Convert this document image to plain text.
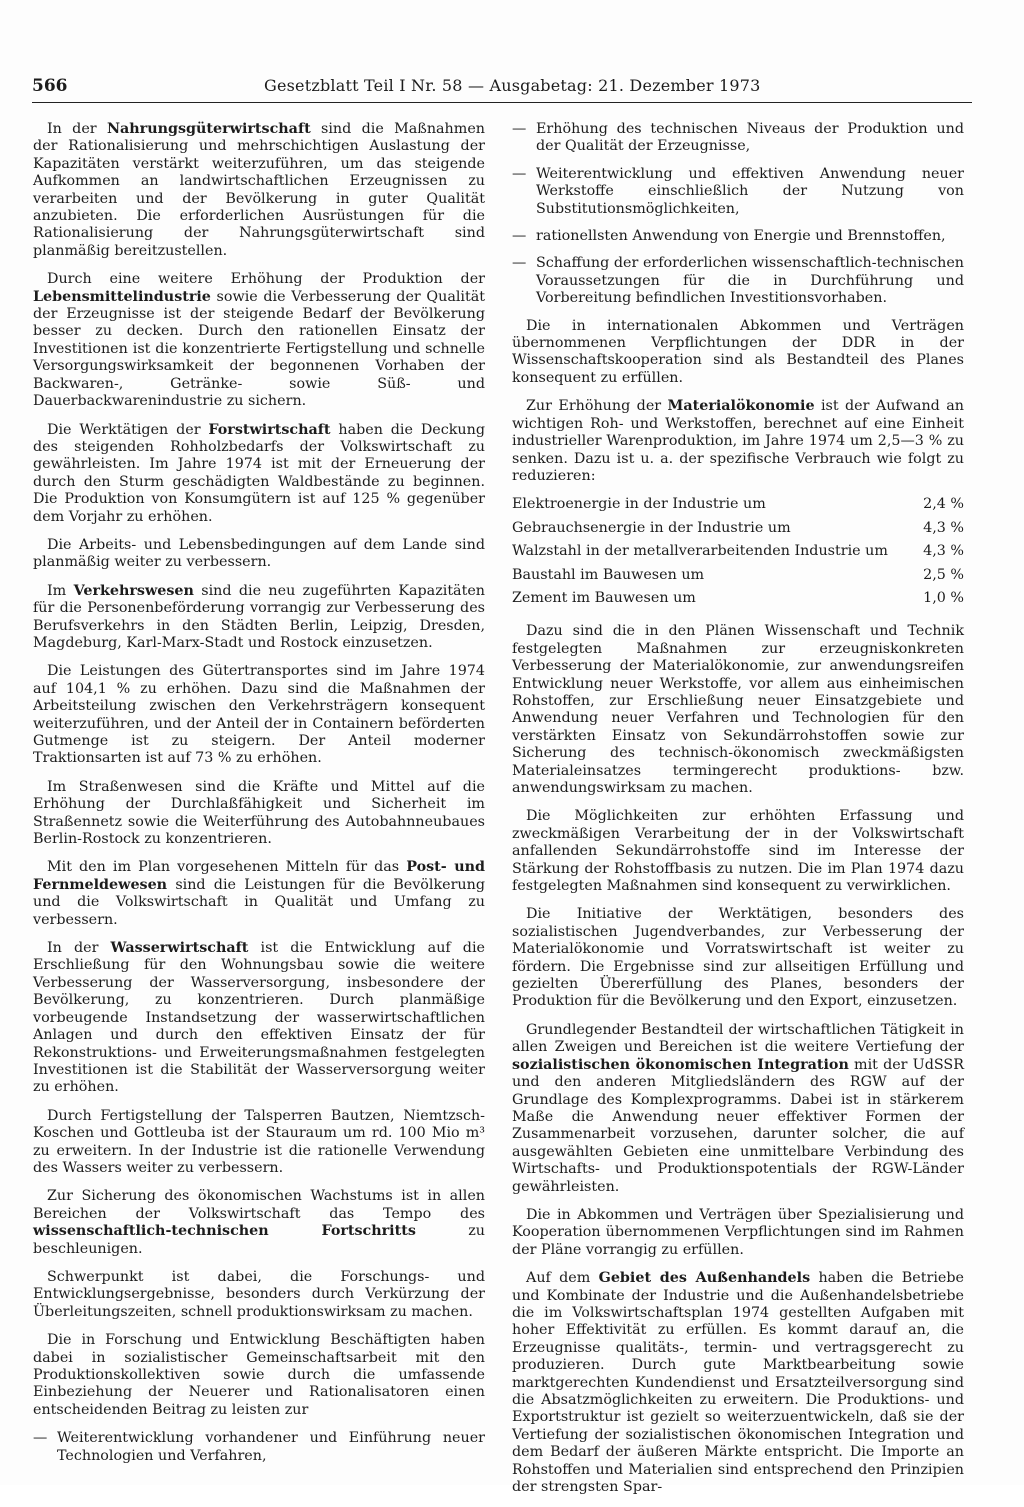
566	Gesetzblatt Teil I Nr. 58 — Ausgabetag: 21. Dezember 1973

In der Nahrungsgüterwirtschaft sind die Maßnahmen der Rationalisierung und mehrschichtigen Auslastung der Kapazitäten verstärkt weiterzuführen, um das steigende Aufkommen an landwirtschaftlichen Erzeugnissen zu verarbeiten und der Bevölkerung in guter Qualität anzubieten. Die erforderlichen Ausrüstungen für die Rationalisierung der Nahrungsgüterwirtschaft sind planmäßig bereitzustellen.

Durch eine weitere Erhöhung der Produktion der Lebensmittelindustrie sowie die Verbesserung der Qualität der Erzeugnisse ist der steigende Bedarf der Bevölkerung besser zu decken. Durch den rationellen Einsatz der Investitionen ist die konzentrierte Fertigstellung und schnelle Versorgungswirksamkeit der begonnenen Vorhaben der Backwaren-, Getränke- sowie Süß- und Dauerbackwarenindustrie zu sichern.

Die Werktätigen der Forstwirtschaft haben die Deckung des steigenden Rohholzbedarfs der Volkswirtschaft zu gewährleisten. Im Jahre 1974 ist mit der Erneuerung der durch den Sturm geschädigten Waldbestände zu beginnen. Die Produktion von Konsumgütern ist auf 125 % gegenüber dem Vorjahr zu erhöhen.

Die Arbeits- und Lebensbedingungen auf dem Lande sind planmäßig weiter zu verbessern.

Im Verkehrswesen sind die neu zugeführten Kapazitäten für die Personenbeförderung vorrangig zur Verbesserung des Berufsverkehrs in den Städten Berlin, Leipzig, Dresden, Magdeburg, Karl-Marx-Stadt und Rostock einzusetzen.

Die Leistungen des Gütertransportes sind im Jahre 1974 auf 104,1 % zu erhöhen. Dazu sind die Maßnahmen der Arbeitsteilung zwischen den Verkehrsträgern konsequent weiterzuführen, und der Anteil der in Containern beförderten Gutmenge ist zu steigern. Der Anteil moderner Traktionsarten ist auf 73 % zu erhöhen.

Im Straßenwesen sind die Kräfte und Mittel auf die Erhöhung der Durchlaßfähigkeit und Sicherheit im Straßennetz sowie die Weiterführung des Autobahnneubaues Berlin-Rostock zu konzentrieren.

Mit den im Plan vorgesehenen Mitteln für das Post- und Fernmeldewesen sind die Leistungen für die Bevölkerung und die Volkswirtschaft in Qualität und Umfang zu verbessern.

In der Wasserwirtschaft ist die Entwicklung auf die Erschließung für den Wohnungsbau sowie die weitere Verbesserung der Wasserversorgung, insbesondere der Bevölkerung, zu konzentrieren. Durch planmäßige vorbeugende Instandsetzung der wasserwirtschaftlichen Anlagen und durch den effektiven Einsatz der für Rekonstruktions- und Erweiterungsmaßnahmen festgelegten Investitionen ist die Stabilität der Wasserversorgung weiter zu erhöhen.

Durch Fertigstellung der Talsperren Bautzen, Niemtzsch-Koschen und Gottleuba ist der Stauraum um rd. 100 Mio m³ zu erweitern. In der Industrie ist die rationelle Verwendung des Wassers weiter zu verbessern.

Zur Sicherung des ökonomischen Wachstums ist in allen Bereichen der Volkswirtschaft das Tempo des wissenschaftlich-technischen Fortschritts zu beschleunigen.

Schwerpunkt ist dabei, die Forschungs- und Entwicklungsergebnisse, besonders durch Verkürzung der Überleitungszeiten, schnell produktionswirksam zu machen.

Die in Forschung und Entwicklung Beschäftigten haben dabei in sozialistischer Gemeinschaftsarbeit mit den Produktionskollektiven sowie durch die umfassende Einbeziehung der Neuerer und Rationalisatoren einen entscheidenden Beitrag zu leisten zur

— Weiterentwicklung vorhandener und Einführung neuer Technologien und Verfahren,
— Erhöhung des technischen Niveaus der Produktion und der Qualität der Erzeugnisse,
— Weiterentwicklung und effektiven Anwendung neuer Werkstoffe einschließlich der Nutzung von Substitutionsmöglichkeiten,
— rationellsten Anwendung von Energie und Brennstoffen,
— Schaffung der erforderlichen wissenschaftlich-technischen Voraussetzungen für die in Durchführung und Vorbereitung befindlichen Investitionsvorhaben.

Die in internationalen Abkommen und Verträgen übernommenen Verpflichtungen der DDR in der Wissenschaftskooperation sind als Bestandteil des Planes konsequent zu erfüllen.

Zur Erhöhung der Materialökonomie ist der Aufwand an wichtigen Roh- und Werkstoffen, berechnet auf eine Einheit industrieller Warenproduktion, im Jahre 1974 um 2,5—3 % zu senken. Dazu ist u. a. der spezifische Verbrauch wie folgt zu reduzieren:

Elektroenergie in der Industrie um	2,4 %
Gebrauchsenergie in der Industrie um	4,3 %
Walzstahl in der metallverarbeitenden Industrie um	4,3 %
Baustahl im Bauwesen um	2,5 %
Zement im Bauwesen um	1,0 %

Dazu sind die in den Plänen Wissenschaft und Technik festgelegten Maßnahmen zur erzeugniskonkreten Verbesserung der Materialökonomie, zur anwendungsreifen Entwicklung neuer Werkstoffe, vor allem aus einheimischen Rohstoffen, zur Erschließung neuer Einsatzgebiete und Anwendung neuer Verfahren und Technologien für den verstärkten Einsatz von Sekundärrohstoffen sowie zur Sicherung des technisch-ökonomisch zweckmäßigsten Materialeinsatzes termingerecht produktions- bzw. anwendungswirksam zu machen.

Die Möglichkeiten zur erhöhten Erfassung und zweckmäßigen Verarbeitung der in der Volkswirtschaft anfallenden Sekundärrohstoffe sind im Interesse der Stärkung der Rohstoffbasis zu nutzen. Die im Plan 1974 dazu festgelegten Maßnahmen sind konsequent zu verwirklichen.

Die Initiative der Werktätigen, besonders des sozialistischen Jugendverbandes, zur Verbesserung der Materialökonomie und Vorratswirtschaft ist weiter zu fördern. Die Ergebnisse sind zur allseitigen Erfüllung und gezielten Übererfüllung des Planes, besonders der Produktion für die Bevölkerung und den Export, einzusetzen.

Grundlegender Bestandteil der wirtschaftlichen Tätigkeit in allen Zweigen und Bereichen ist die weitere Vertiefung der sozialistischen ökonomischen Integration mit der UdSSR und den anderen Mitgliedsländern des RGW auf der Grundlage des Komplexprogramms. Dabei ist in stärkerem Maße die Anwendung neuer effektiver Formen der Zusammenarbeit vorzusehen, darunter solcher, die auf ausgewählten Gebieten eine unmittelbare Verbindung des Wirtschafts- und Produktionspotentials der RGW-Länder gewährleisten.

Die in Abkommen und Verträgen über Spezialisierung und Kooperation übernommenen Verpflichtungen sind im Rahmen der Pläne vorrangig zu erfüllen.

Auf dem Gebiet des Außenhandels haben die Betriebe und Kombinate der Industrie und die Außenhandelsbetriebe die im Volkswirtschaftsplan 1974 gestellten Aufgaben mit hoher Effektivität zu erfüllen. Es kommt darauf an, die Erzeugnisse qualitäts-, termin- und vertragsgerecht zu produzieren. Durch gute Marktbearbeitung sowie marktgerechten Kundendienst und Ersatzteilversorgung sind die Absatzmöglichkeiten zu erweitern. Die Produktions- und Exportstruktur ist gezielt so weiterzuentwickeln, daß sie der Vertiefung der sozialistischen ökonomischen Integration und dem Bedarf der äußeren Märkte entspricht. Die Importe an Rohstoffen und Materialien sind entsprechend den Prinzipien der strengsten Spar-
